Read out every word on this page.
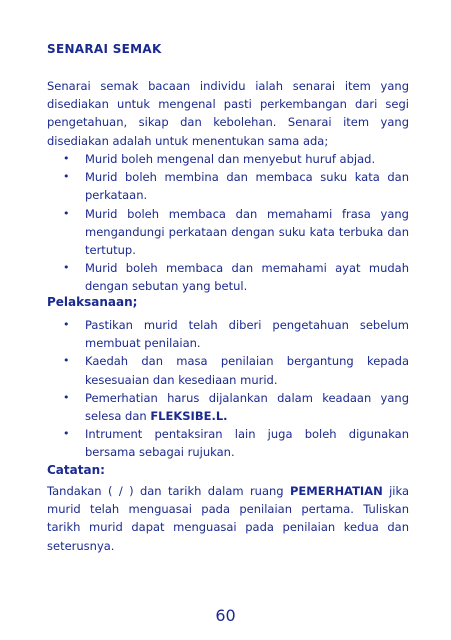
SENARAI SEMAK

Senarai semak bacaan individu ialah senarai item yang disediakan untuk mengenal pasti perkembangan dari segi pengetahuan, sikap dan kebolehan. Senarai item yang disediakan adalah untuk menentukan sama ada;

• Murid boleh mengenal dan menyebut huruf abjad.
• Murid boleh membina dan membaca suku kata dan perkataan.
• Murid boleh membaca dan memahami frasa yang mengandungi perkataan dengan suku kata terbuka dan tertutup.
• Murid boleh membaca dan memahami ayat mudah dengan sebutan yang betul.
Pelaksanaan;
• Pastikan murid telah diberi pengetahuan sebelum membuat penilaian.
• Kaedah dan masa penilaian bergantung kepada kesesuaian dan kesediaan murid.
• Pemerhatian harus dijalankan dalam keadaan yang selesa dan FLEKSIBE.L.
• Intrument pentaksiran lain juga boleh digunakan bersama sebagai rujukan.
Catatan:

Tandakan ( / ) dan tarikh dalam ruang PEMERHATIAN jika murid telah menguasai pada penilaian pertama. Tuliskan tarikh murid dapat menguasai pada penilaian kedua dan seterusnya.

60
